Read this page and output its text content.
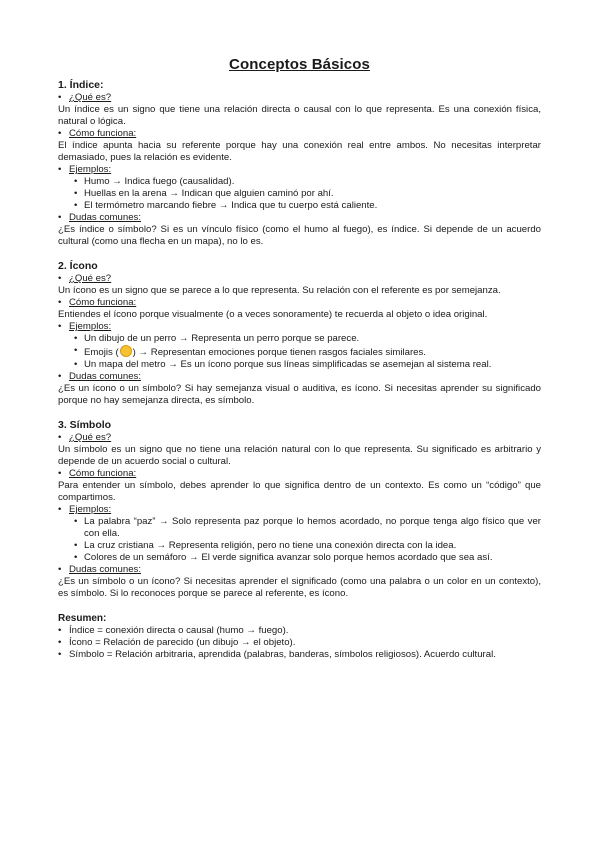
Conceptos Básicos

1. Índice:

• ¿Qué es?

Un índice es un signo que tiene una relación directa o causal con lo que representa. Es una conexión física, natural o lógica.

• Cómo funciona:

El índice apunta hacia su referente porque hay una conexión real entre ambos. No necesitas interpretar demasiado, pues la relación es evidente.

• Ejemplos:

• Humo → Indica fuego (causalidad).
• Huellas en la arena → Indican que alguien caminó por ahí.
• El termómetro marcando fiebre → Indica que tu cuerpo está caliente.

• Dudas comunes:

¿Es índice o símbolo? Si es un vínculo físico (como el humo al fuego), es índice. Si depende de un acuerdo cultural (como una flecha en un mapa), no lo es.

2. Ícono

• ¿Qué es?

Un ícono es un signo que se parece a lo que representa. Su relación con el referente es por semejanza.

• Cómo funciona:

Entiendes el ícono porque visualmente (o a veces sonoramente) te recuerda al objeto o idea original.

• Ejemplos:

• Un dibujo de un perro → Representa un perro porque se parece.
• Emojis ( ) → Representan emociones porque tienen rasgos faciales similares.
• Un mapa del metro → Es un ícono porque sus líneas simplificadas se asemejan al sistema real.

• Dudas comunes:

¿Es un ícono o un símbolo? Si hay semejanza visual o auditiva, es ícono. Si necesitas aprender su significado porque no hay semejanza directa, es símbolo.

3. Símbolo

• ¿Qué es?

Un símbolo es un signo que no tiene una relación natural con lo que representa. Su significado es arbitrario y depende de un acuerdo social o cultural.

• Cómo funciona:

Para entender un símbolo, debes aprender lo que significa dentro de un contexto. Es como un “código” que compartimos.

• Ejemplos:

• La palabra “paz” → Solo representa paz porque lo hemos acordado, no porque tenga algo físico que ver con ella.
• La cruz cristiana → Representa religión, pero no tiene una conexión directa con la idea.
• Colores de un semáforo → El verde significa avanzar solo porque hemos acordado que sea así.

• Dudas comunes:

¿Es un símbolo o un ícono? Si necesitas aprender el significado (como una palabra o un color en un contexto), es símbolo. Si lo reconoces porque se parece al referente, es ícono.

Resumen:

• Índice = conexión directa o causal (humo → fuego).
• Ícono = Relación de parecido (un dibujo → el objeto).
• Símbolo = Relación arbitraria, aprendida (palabras, banderas, símbolos religiosos). Acuerdo cultural.
